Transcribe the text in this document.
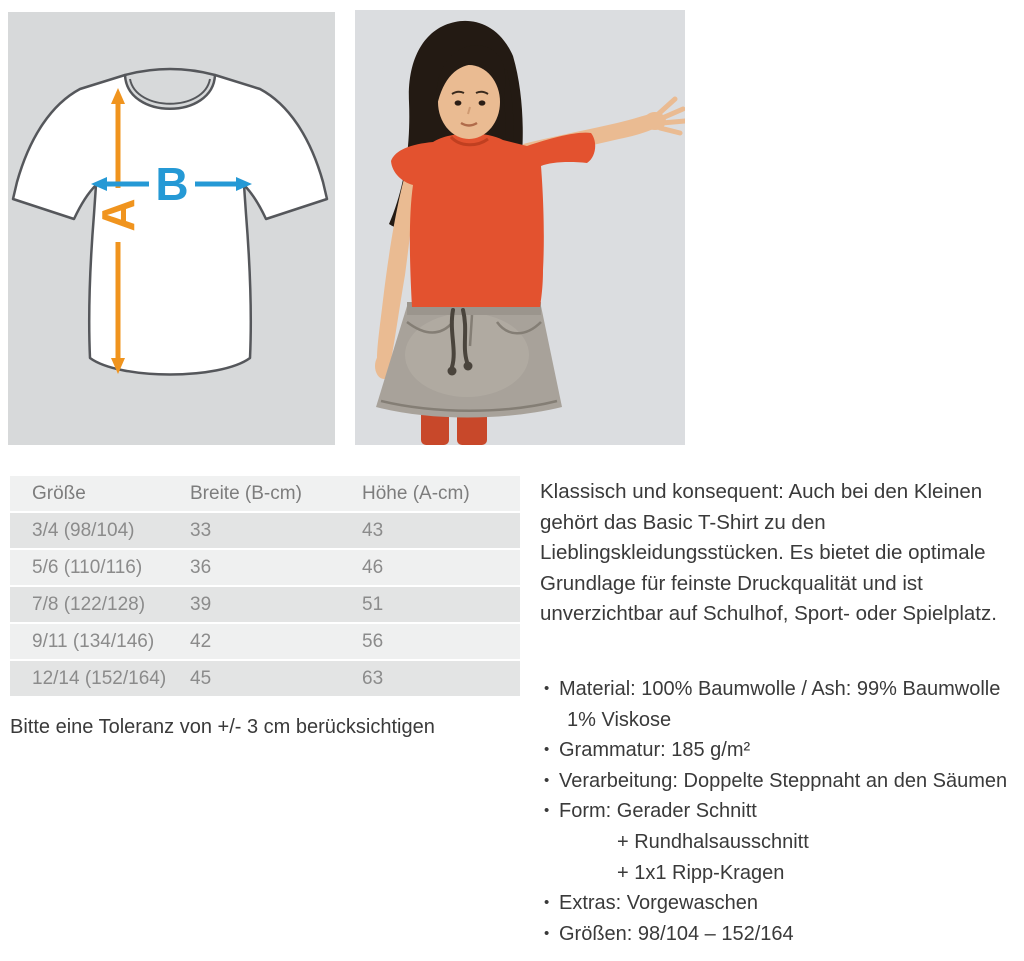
A
B
Größe	Breite (B-cm)	Höhe (A-cm)
3/4 (98/104)	33	43
5/6 (110/116)	36	46
7/8 (122/128)	39	51
9/11 (134/146)	42	56
12/14 (152/164)	45	63
Bitte eine Toleranz von +/- 3 cm berücksichtigen
Klassisch und konsequent: Auch bei den Kleinen
gehört das Basic T-Shirt zu den
Lieblingskleidungsstücken. Es bietet die optimale
Grundlage für feinste Druckqualität und ist
unverzichtbar auf Schulhof, Sport- oder Spielplatz.
• Material: 100% Baumwolle / Ash: 99% Baumwolle
1% Viskose
• Grammatur: 185 g/m²
• Verarbeitung: Doppelte Steppnaht an den Säumen
• Form: Gerader Schnitt
+ Rundhalsausschnitt
+ 1x1 Ripp-Kragen
• Extras: Vorgewaschen
• Größen: 98/104 – 152/164
